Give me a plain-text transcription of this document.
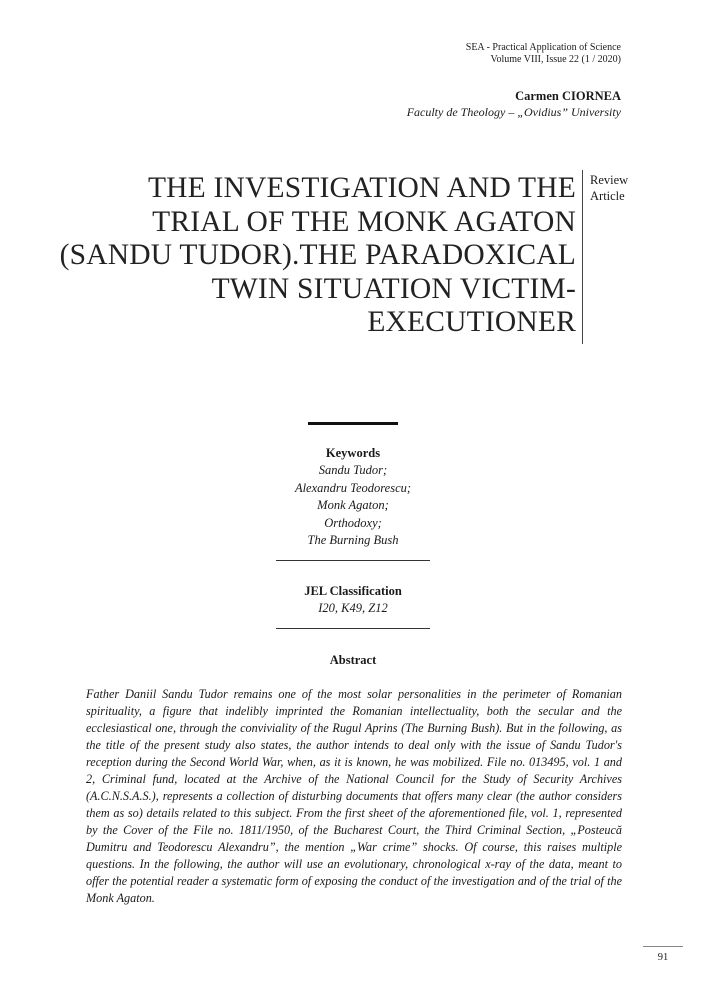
SEA - Practical Application of Science
Volume VIII, Issue 22 (1 / 2020)
Carmen CIORNEA
Faculty de Theology – „Ovidius” University
THE INVESTIGATION AND THE
TRIAL OF THE MONK AGATON
(SANDU TUDOR).THE PARADOXICAL
TWIN SITUATION VICTIM-
EXECUTIONER
Review
Article
Keywords
Sandu Tudor;
Alexandru Teodorescu;
Monk Agaton;
Orthodoxy;
The Burning Bush
JEL Classification
I20, K49, Z12
Abstract
Father Daniil Sandu Tudor remains one of the most solar personalities in the perimeter of Romanian spirituality, a figure that indelibly imprinted the Romanian intellectuality, both the secular and the ecclesiastical one, through the conviviality of the Rugul Aprins (The Burning Bush). But in the following, as the title of the present study also states, the author intends to deal only with the issue of Sandu Tudor's reception during the Second World War, when, as it is known, he was mobilized. File no. 013495, vol. 1 and 2, Criminal fund, located at the Archive of the National Council for the Study of Security Archives (A.C.N.S.A.S.), represents a collection of disturbing documents that offers many clear (the author considers them as so) details related to this subject. From the first sheet of the aforementioned file, vol. 1, represented by the Cover of the File no. 1811/1950, of the Bucharest Court, the Third Criminal Section, „Posteucă Dumitru and Teodorescu Alexandru”, the mention „War crime” shocks. Of course, this raises multiple questions. In the following, the author will use an evolutionary, chronological x-ray of the data, meant to offer the potential reader a systematic form of exposing the conduct of the investigation and of the trial of the Monk Agaton.
91
